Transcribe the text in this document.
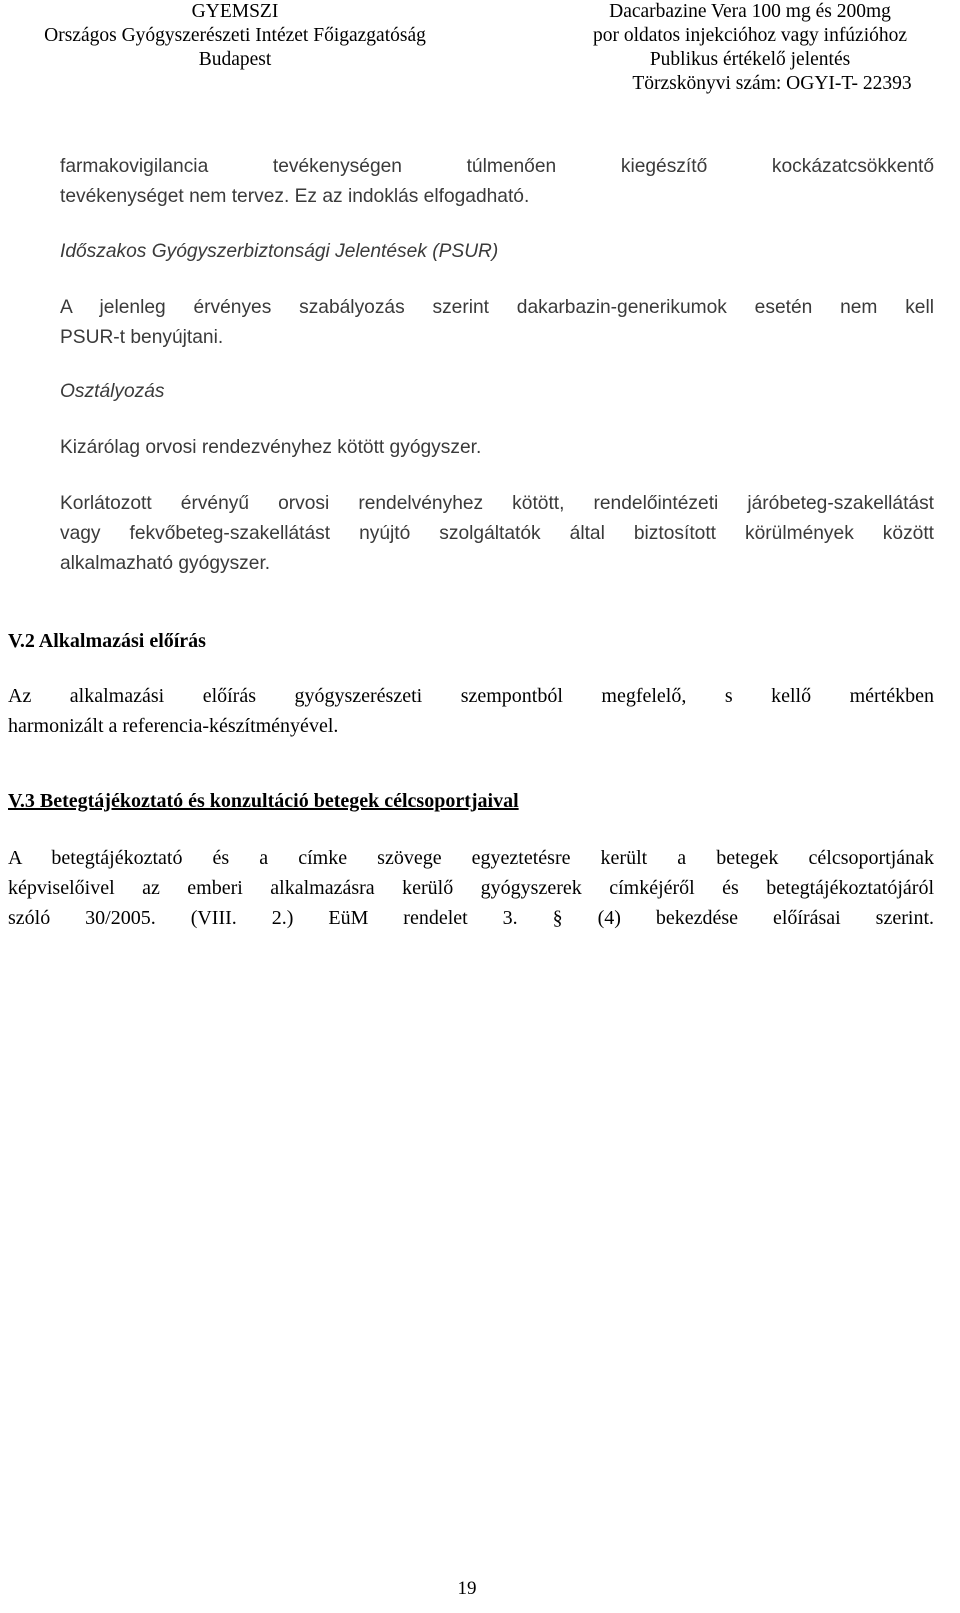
GYEMSZI
Országos Gyógyszerészeti Intézet Főigazgatóság
Budapest
Dacarbazine Vera 100 mg és 200mg
por oldatos injekcióhoz vagy infúzióhoz
Publikus értékelő jelentés
Törzskönyvi szám: OGYI-T- 22393
farmakovigilancia tevékenységen túlmenően kiegészítő kockázatcsökkentő
tevékenységet nem tervez. Ez az indoklás elfogadható.
Időszakos Gyógyszerbiztonsági Jelentések (PSUR)
A jelenleg érvényes szabályozás szerint dakarbazin-generikumok esetén nem kell
PSUR-t benyújtani.
Osztályozás
Kizárólag orvosi rendezvényhez kötött gyógyszer.
Korlátozott érvényű orvosi rendelvényhez kötött, rendelőintézeti járóbeteg-szakellátást
vagy fekvőbeteg-szakellátást nyújtó szolgáltatók által biztosított körülmények között
alkalmazható gyógyszer.
V.2 Alkalmazási előírás
Az alkalmazási előírás gyógyszerészeti szempontból megfelelő, s kellő mértékben
harmonizált a referencia-készítményével.
V.3 Betegtájékoztató és konzultáció betegek célcsoportjaival
A betegtájékoztató és a címke szövege egyeztetésre került a betegek célcsoportjának
képviselőivel az emberi alkalmazásra kerülő gyógyszerek címkéjéről és betegtájékoztatójáról
szóló 30/2005. (VIII. 2.) EüM rendelet 3. § (4) bekezdése előírásai szerint.
19
